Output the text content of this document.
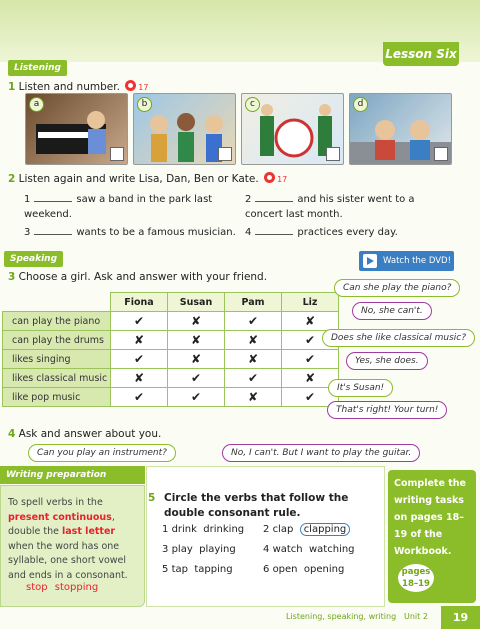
Lesson Six
Listening
1 Listen and number. 17
a	b	c	d
2 Listen again and write Lisa, Dan, Ben or Kate. 17
1	saw a band in the park last weekend.
2	and his sister went to a concert last month.
3	wants to be a famous musician. 4	practices every day.
Speaking	Watch the DVD!
3 Choose a girl. Ask and answer with your friend.
	Fiona	Susan	Pam	Liz
can play the piano	✔	✘	✔	✘
can play the drums	✘	✘	✘	✔
likes singing	✔	✘	✘	✔
likes classical music	✘	✔	✔	✘
like pop music	✔	✔	✘	✔
Can she play the piano?
No, she can't.
Does she like classical music?
Yes, she does.
It's Susan!
That's right! Your turn!
4 Ask and answer about you.
Can you play an instrument?	No, I can't. But I want to play the guitar.
Writing preparation
To spell verbs in the present continuous, double the last letter when the word has one syllable, one short vowel and ends in a consonant.
stop stopping
5 Circle the verbs that follow the double consonant rule.
1 drink drinking 2 clap clapping
3 play playing	4 watch watching
5 tap tapping	6 open opening
Complete the writing tasks on pages 18–19 of the Workbook.
pages
18–19
Listening, speaking, writing Unit 2	19
